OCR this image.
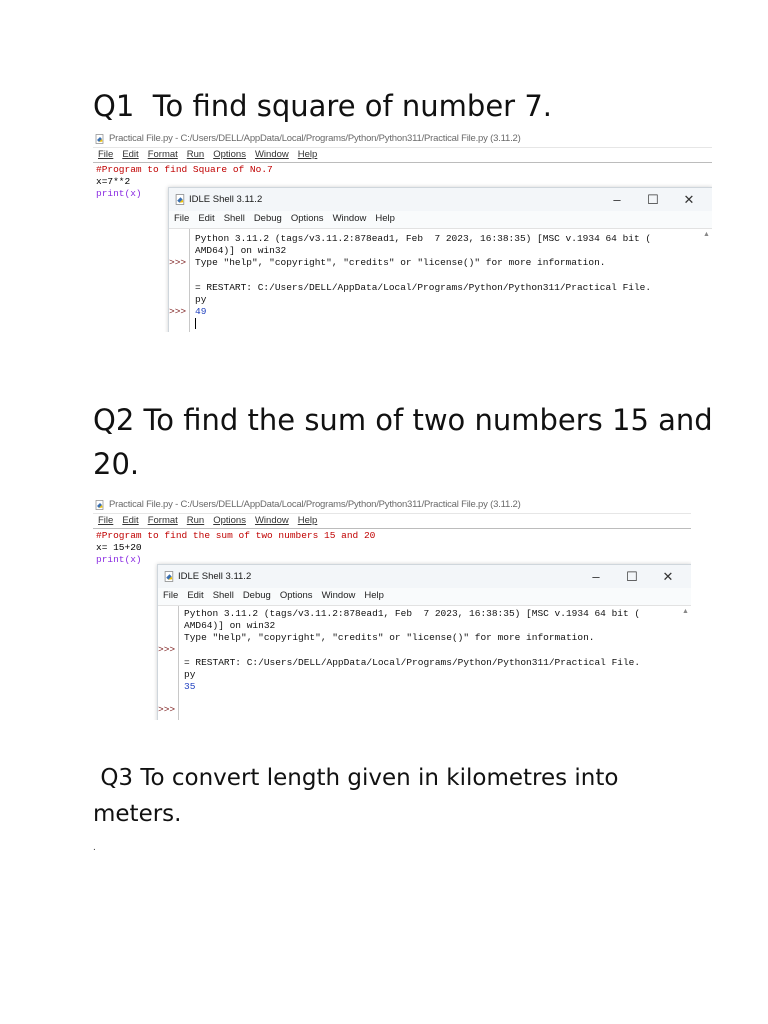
Q1  To find square of number 7.
Practical File.py - C:/Users/DELL/AppData/Local/Programs/Python/Python311/Practical File.py (3.11.2)
File Edit Format Run Options Window Help
#Program to find Square of No.7
x=7**2
print(x)
IDLE Shell 3.11.2	–	☐	✕
File Edit Shell Debug Options Window Help
>>>
>>>
Python 3.11.2 (tags/v3.11.2:878ead1, Feb  7 2023, 16:38:35) [MSC v.1934 64 bit (
AMD64)] on win32
Type "help", "copyright", "credits" or "license()" for more information.
= RESTART: C:/Users/DELL/AppData/Local/Programs/Python/Python311/Practical File.
py
49
▲
Q2 To find the sum of two numbers 15 and 20.
Practical File.py - C:/Users/DELL/AppData/Local/Programs/Python/Python311/Practical File.py (3.11.2)
File Edit Format Run Options Window Help
#Program to find the sum of two numbers 15 and 20
x= 15+20
print(x)
IDLE Shell 3.11.2	–	☐	✕
File Edit Shell Debug Options Window Help
>>>
>>>
Python 3.11.2 (tags/v3.11.2:878ead1, Feb  7 2023, 16:38:35) [MSC v.1934 64 bit (
AMD64)] on win32
Type "help", "copyright", "credits" or "license()" for more information.
= RESTART: C:/Users/DELL/AppData/Local/Programs/Python/Python311/Practical File.
py
35
▲
Q3 To convert length given in kilometres into meters.
.
